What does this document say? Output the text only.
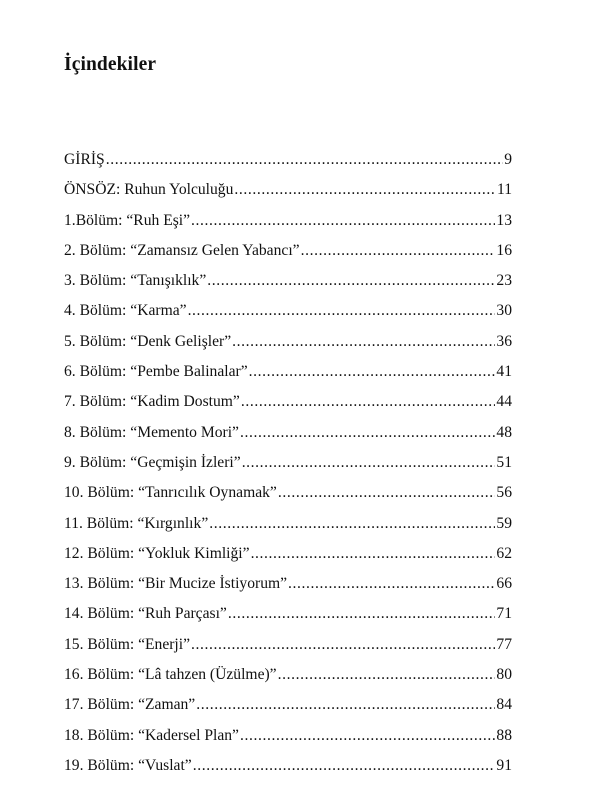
İçindekiler
GİRİŞ .....	9
ÖNSÖZ: Ruhun Yolculuğu .....	11
1.Bölüm: “Ruh Eşi” .....	13
2. Bölüm: “Zamansız Gelen Yabancı” .....	16
3. Bölüm: “Tanışıklık” .....	23
4. Bölüm: “Karma” .....	30
5. Bölüm: “Denk Gelişler” .....	36
6. Bölüm: “Pembe Balinalar” .....	41
7. Bölüm: “Kadim Dostum” .....	44
8. Bölüm: “Memento Mori” .....	48
9. Bölüm: “Geçmişin İzleri” .....	51
10. Bölüm: “Tanrıcılık Oynamak” .....	56
11. Bölüm: “Kırgınlık” .....	59
12. Bölüm: “Yokluk Kimliği” .....	62
13. Bölüm: “Bir Mucize İstiyorum” .....	66
14. Bölüm: “Ruh Parçası” .....	71
15. Bölüm: “Enerji” .....	77
16. Bölüm: “Lâ tahzen (Üzülme)” .....	80
17. Bölüm: “Zaman” .....	84
18. Bölüm: “Kadersel Plan” .....	88
19. Bölüm: “Vuslat” .....	91
